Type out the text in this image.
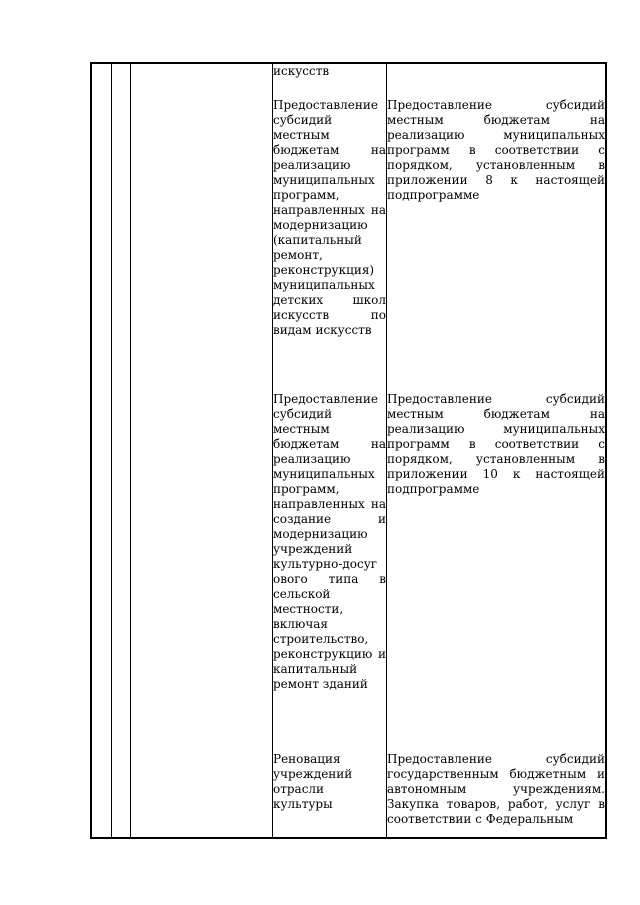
искусств
Предоставление
субсидий
местным
бюджетам на
реализацию
муниципальных
программ,
направленных на
модернизацию
(капитальный
ремонт,
реконструкция)
муниципальных
детских школ
искусств по
видам искусств
Предоставление
субсидий
местным
бюджетам на
реализацию
муниципальных
программ,
направленных на
создание и
модернизацию
учреждений
культурно-досуг
ового типа в
сельской
местности,
включая
строительство,
реконструкцию и
капитальный
ремонт зданий
Реновация
учреждений
отрасли
культуры
Предоставление субсидий
местным бюджетам на
реализацию муниципальных
программ в соответствии с
порядком, установленным в
приложении 8 к настоящей
подпрограмме
Предоставление субсидий
местным бюджетам на
реализацию муниципальных
программ в соответствии с
порядком, установленным в
приложении 10 к настоящей
подпрограмме
Предоставление субсидий
государственным бюджетным и
автономным учреждениям.
Закупка товаров, работ, услуг в
соответствии с Федеральным
